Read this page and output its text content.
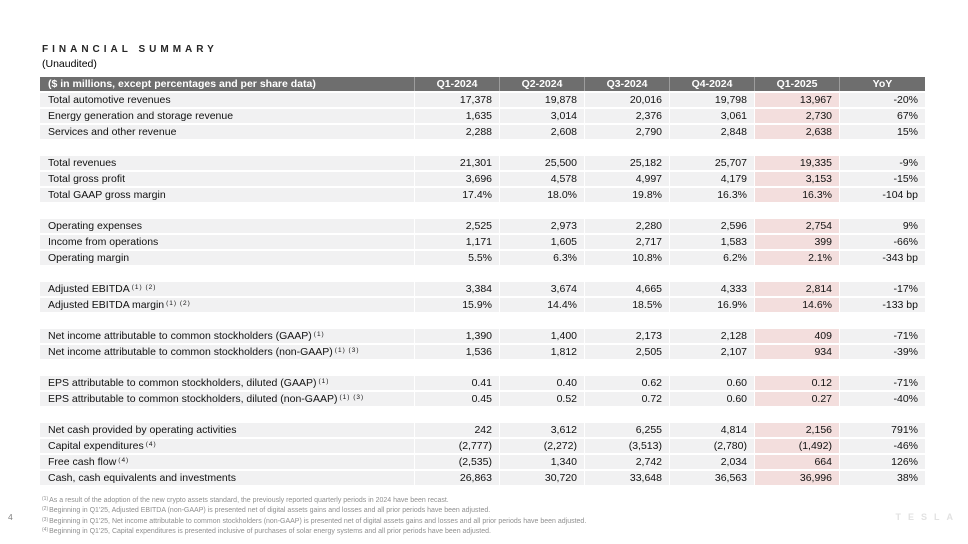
FINANCIAL SUMMARY
(Unaudited)
($ in millions, except percentages and per share data)	Q1-2024	Q2-2024	Q3-2024	Q4-2024	Q1-2025	YoY
Total automotive revenues	17,378	19,878	20,016	19,798	13,967	-20%
Energy generation and storage revenue	1,635	3,014	2,376	3,061	2,730	67%
Services and other revenue	2,288	2,608	2,790	2,848	2,638	15%
Total revenues	21,301	25,500	25,182	25,707	19,335	-9%
Total gross profit	3,696	4,578	4,997	4,179	3,153	-15%
Total GAAP gross margin	17.4%	18.0%	19.8%	16.3%	16.3%	-104 bp
Operating expenses	2,525	2,973	2,280	2,596	2,754	9%
Income from operations	1,171	1,605	2,717	1,583	399	-66%
Operating margin	5.5%	6.3%	10.8%	6.2%	2.1%	-343 bp
Adjusted EBITDA $^{(1) (2)}$	3,384	3,674	4,665	4,333	2,814	-17%
Adjusted EBITDA margin $^{(1) (2)}$	15.9%	14.4%	18.5%	16.9%	14.6%	-133 bp
Net income attributable to common stockholders (GAAP) $^{(1)}$	1,390	1,400	2,173	2,128	409	-71%
Net income attributable to common stockholders (non-GAAP) $^{(1) (3)}$	1,536	1,812	2,505	2,107	934	-39%
EPS attributable to common stockholders, diluted (GAAP) $^{(1)}$	0.41	0.40	0.62	0.60	0.12	-71%
EPS attributable to common stockholders, diluted (non-GAAP) $^{(1) (3)}$	0.45	0.52	0.72	0.60	0.27	-40%
Net cash provided by operating activities	242	3,612	6,255	4,814	2,156	791%
Capital expenditures $^{(4)}$	(2,777)	(2,272)	(3,513)	(2,780)	(1,492)	-46%
Free cash flow $^{(4)}$	(2,535)	1,340	2,742	2,034	664	126%
Cash, cash equivalents and investments	26,863	30,720	33,648	36,563	36,996	38%
$^{(1)}$As a result of the adoption of the new crypto assets standard, the previously reported quarterly periods in 2024 have been recast.
$^{(2)}$Beginning in Q1'25, Adjusted EBITDA (non-GAAP) is presented net of digital assets gains and losses and all prior periods have been adjusted.
$^{(3)}$Beginning in Q1'25, Net income attributable to common stockholders (non-GAAP) is presented net of digital assets gains and losses and all prior periods have been adjusted.
$^{(4)}$Beginning in Q1'25, Capital expenditures is presented inclusive of purchases of solar energy systems and all prior periods have been adjusted.
4	TESLA
